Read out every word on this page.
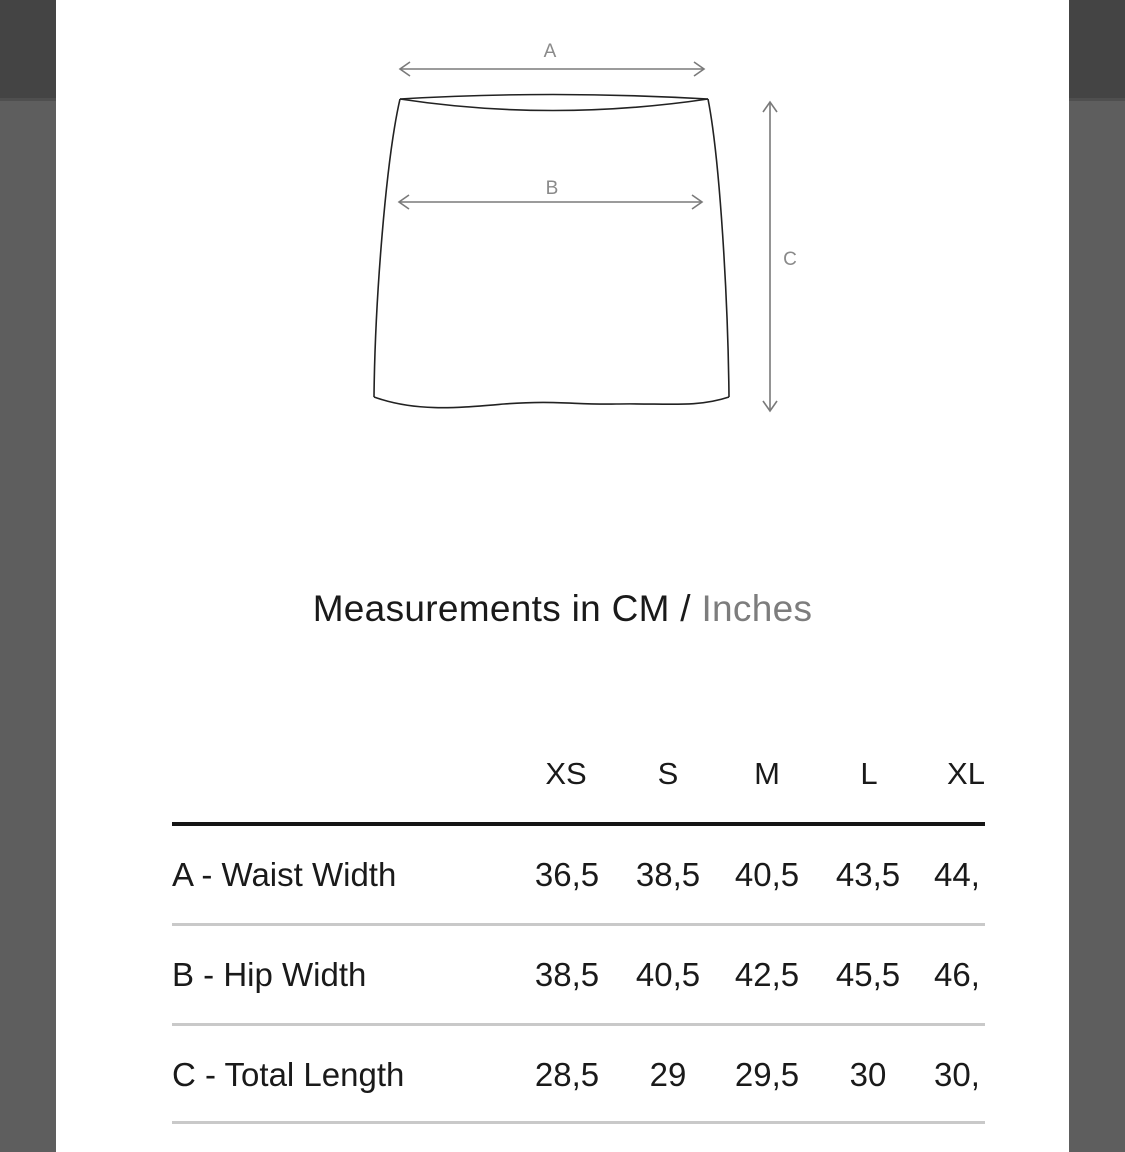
A
B
C
Measurements in CM / Inches
XS	S	M	L	XL
A - Waist Width	36,5	38,5	40,5	43,5	44,
B - Hip Width	38,5	40,5	42,5	45,5	46,
C - Total Length	28,5	29	29,5	30	30,
